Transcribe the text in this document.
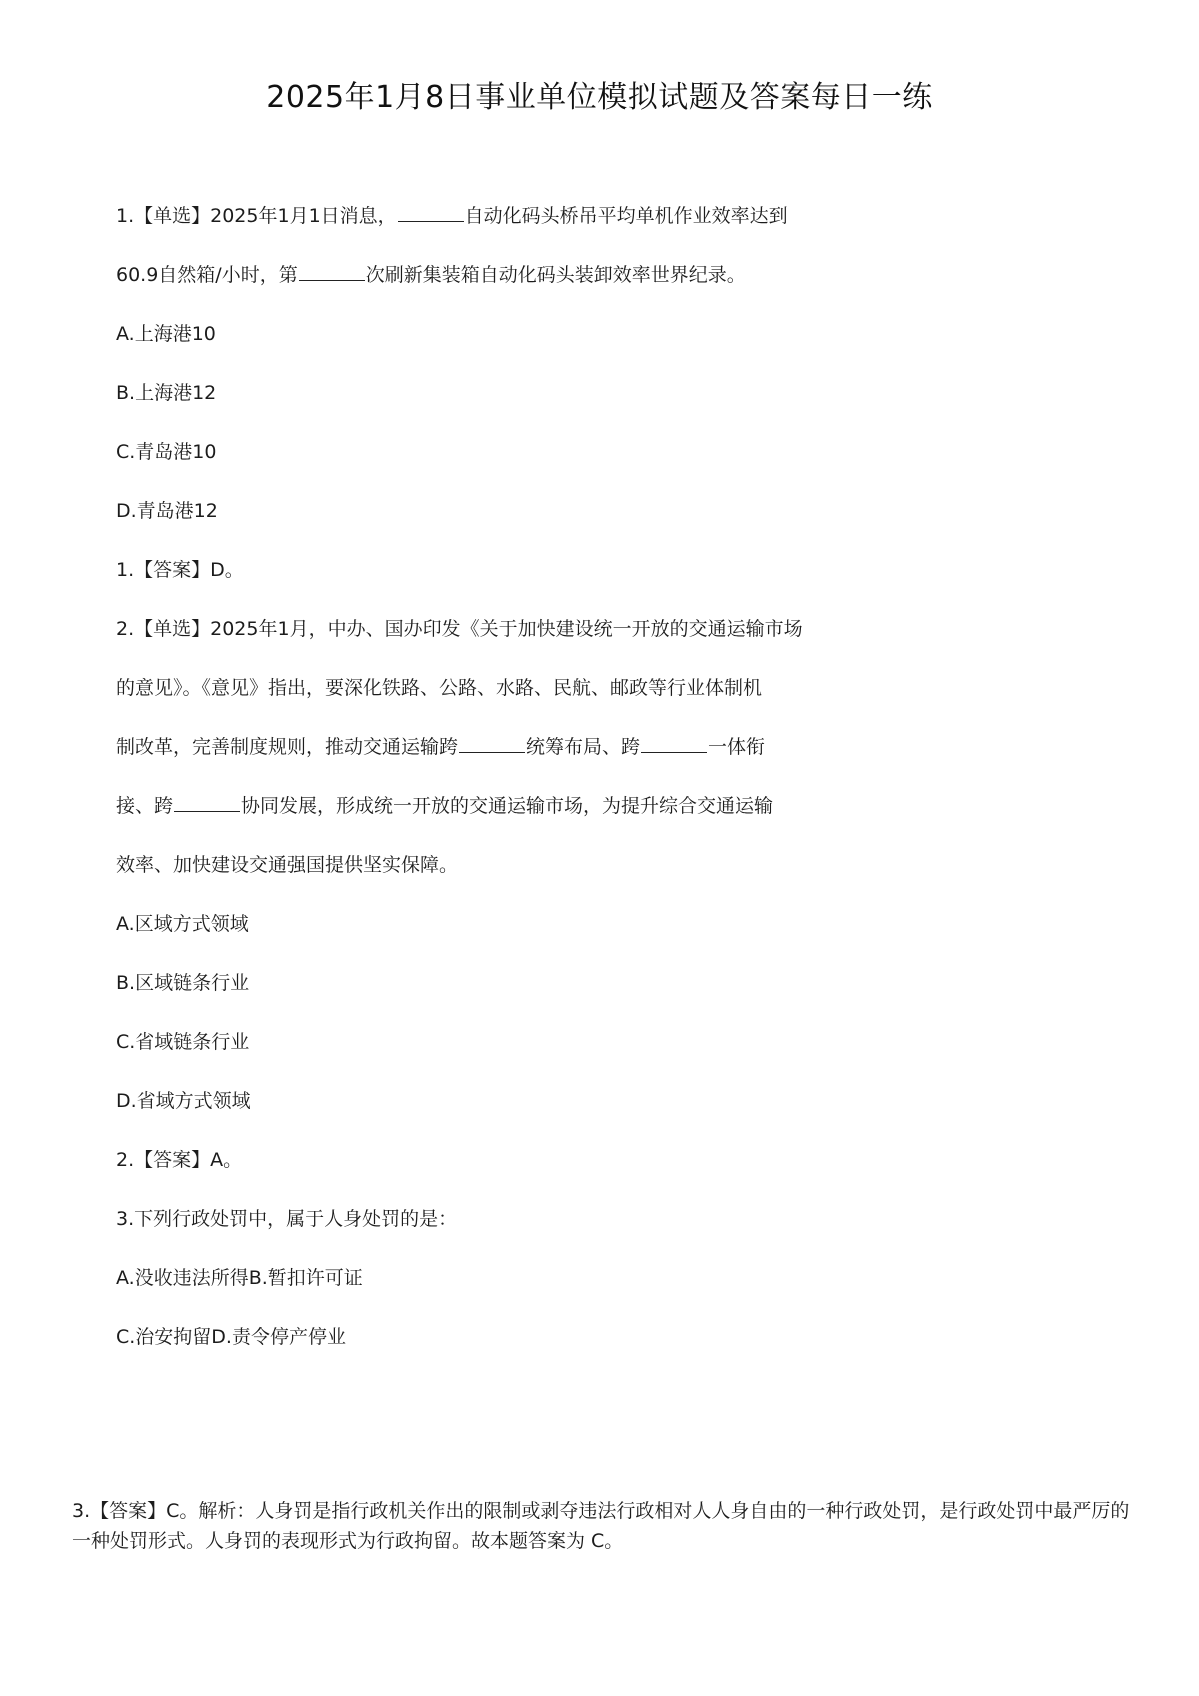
2025年1月8日事业单位模拟试题及答案每日一练
1.【单选】2025年1月1日消息，	自动化码头桥吊平均单机作业效率达到
60.9自然箱/小时，第	次刷新集装箱自动化码头装卸效率世界纪录。
A.上海港10
B.上海港12
C.青岛港10
D.青岛港12
1.【答案】D。
2.【单选】2025年1月，中办、国办印发《关于加快建设统一开放的交通运输市场
的意见》。《意见》指出，要深化铁路、公路、水路、民航、邮政等行业体制机
制改革，完善制度规则，推动交通运输跨	统筹布局、跨	一体衔
接、跨	协同发展，形成统一开放的交通运输市场，为提升综合交通运输
效率、加快建设交通强国提供坚实保障。
A.区域方式领域
B.区域链条行业
C.省域链条行业
D.省域方式领域
2.【答案】A。
3.下列行政处罚中，属于人身处罚的是：
A.没收违法所得B.暂扣许可证
C.治安拘留D.责令停产停业
3.【答案】C。解析：人身罚是指行政机关作出的限制或剥夺违法行政相对人人身自由的一种行政处罚，是行政处罚中最严厉的一种处罚形式。人身罚的表现形式为行政拘留。故本题答案为 C。
